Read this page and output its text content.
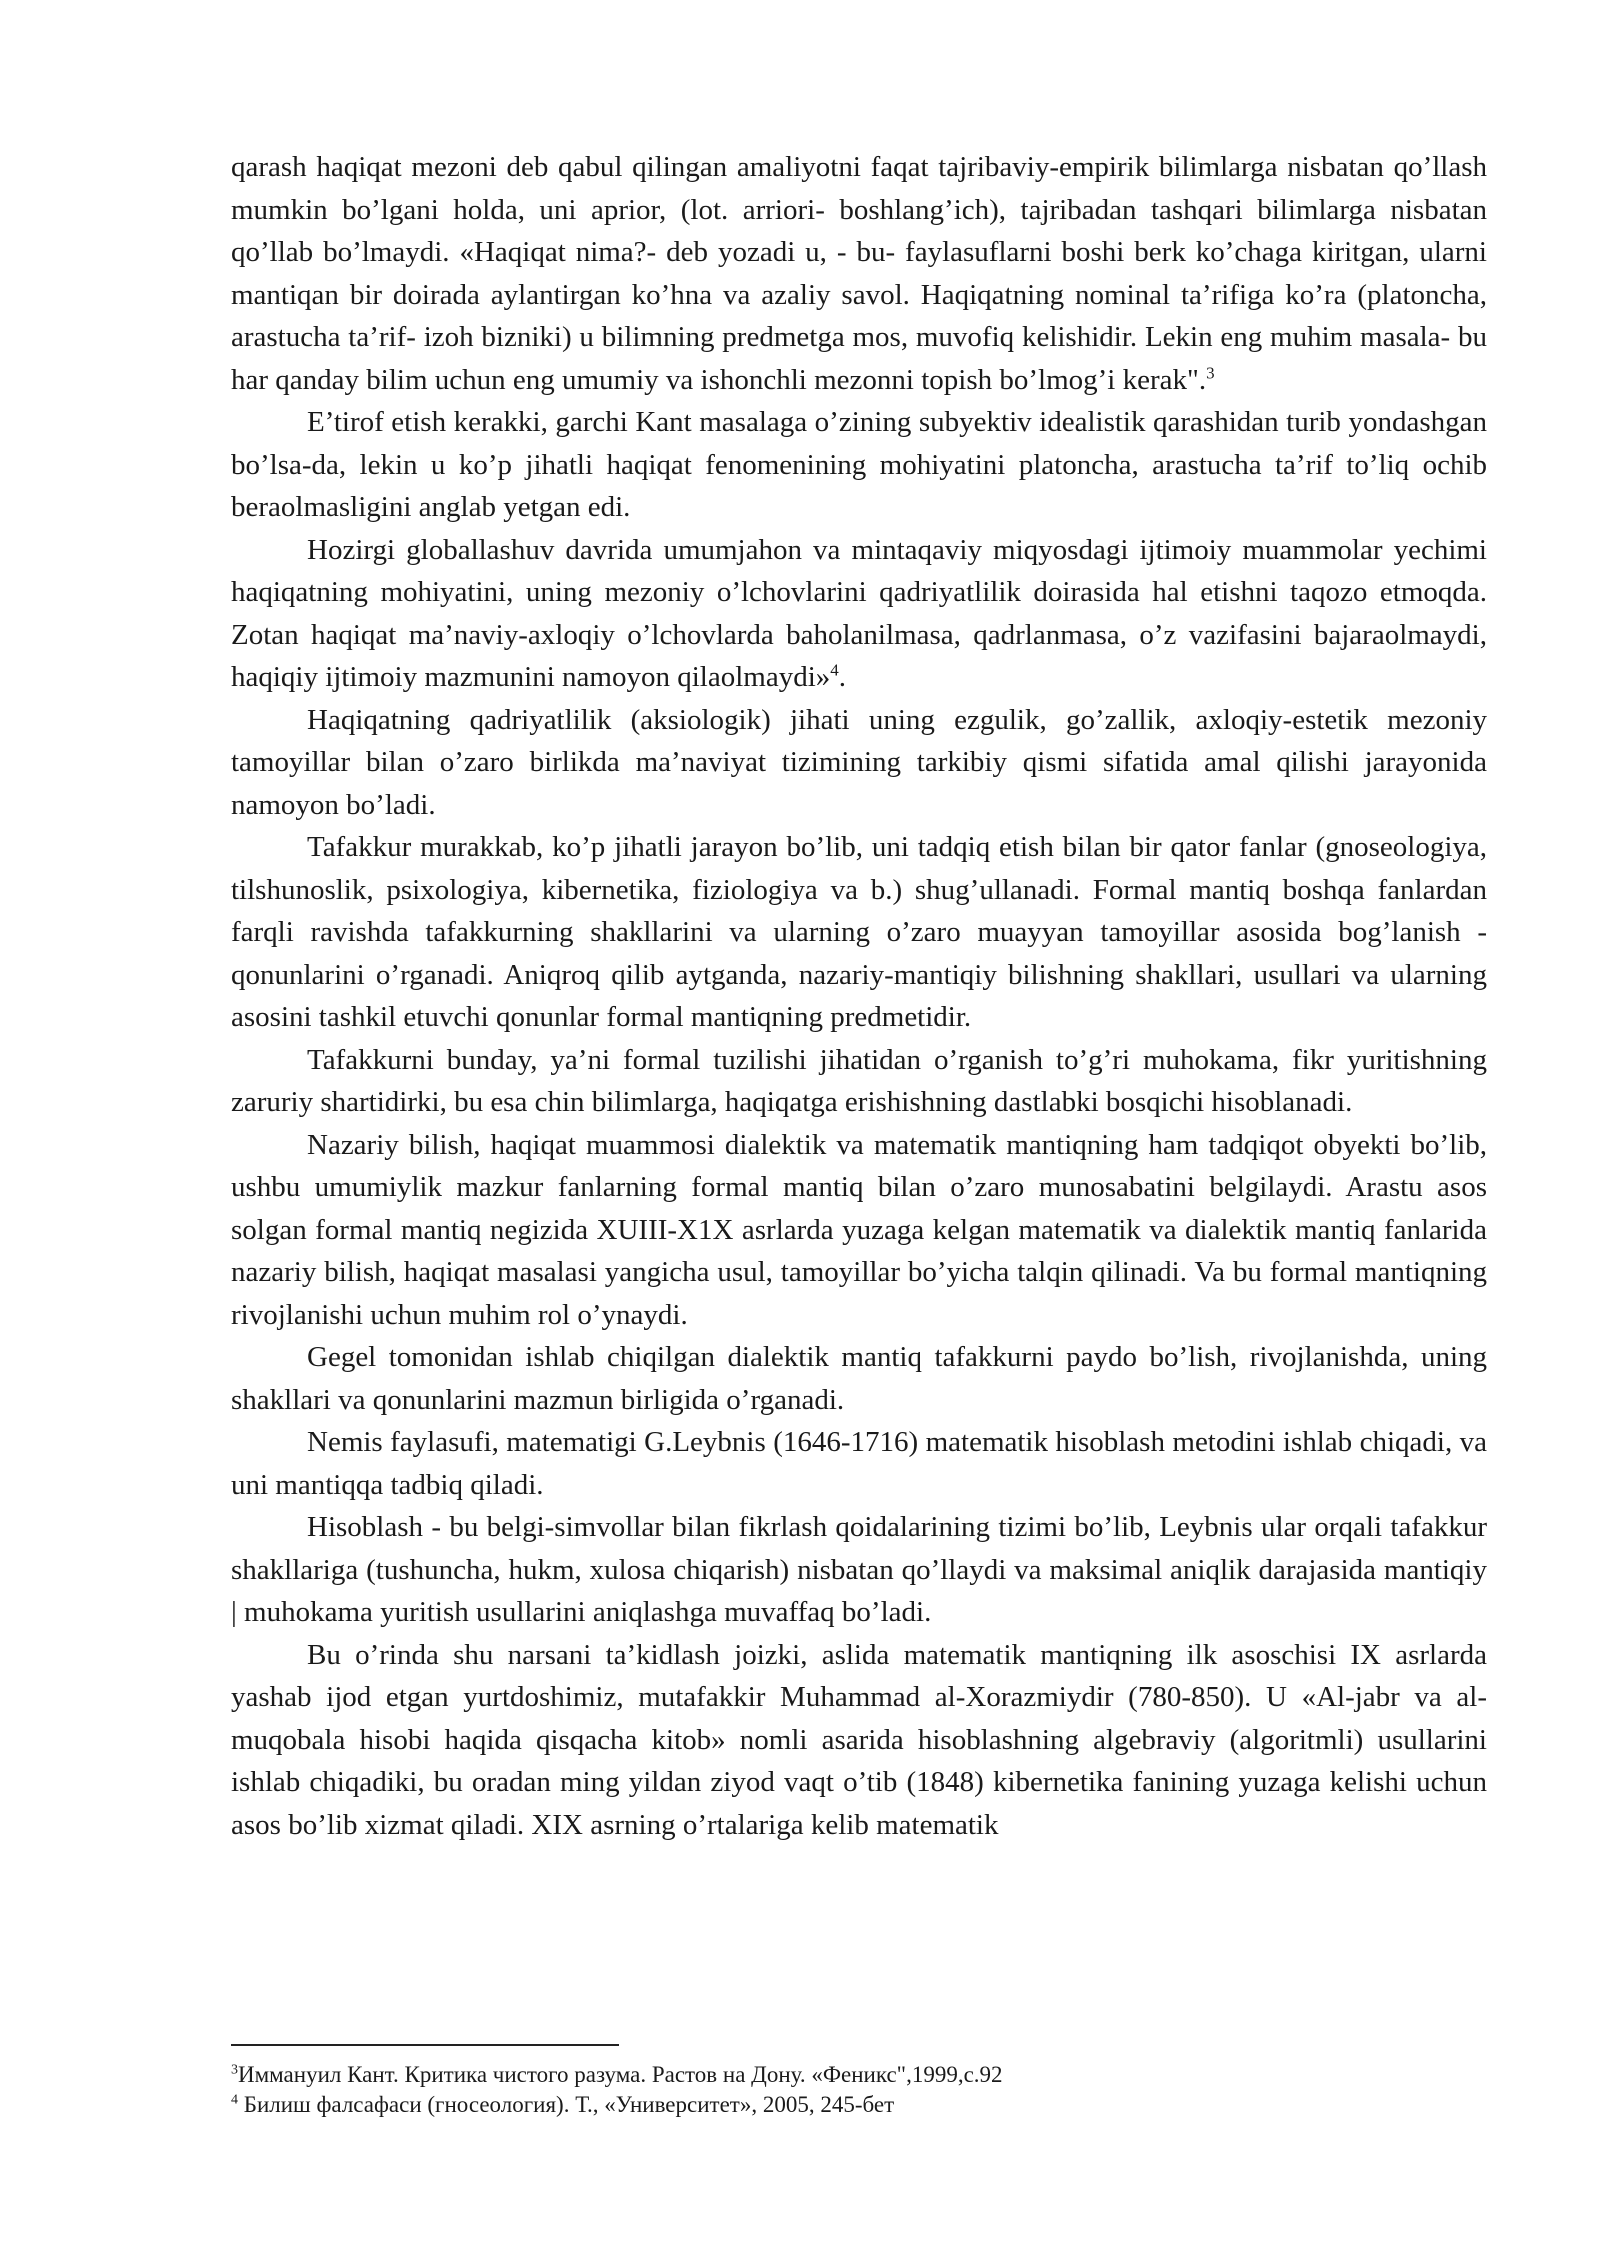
qarash haqiqat mezoni deb qabul qilingan amaliyotni faqat tajribaviy-empirik bilimlarga nisbatan qo’llash mumkin bo’lgani holda, uni aprior, (lot. arriori- boshlang’ich), tajribadan tashqari bilimlarga nisbatan qo’llab bo’lmaydi. «Haqiqat nima?- deb yozadi u, - bu- faylasuflarni boshi berk ko’chaga kiritgan, ularni mantiqan bir doirada aylantirgan ko’hna va azaliy savol. Haqiqatning nominal ta’rifiga ko’ra (platoncha, arastucha ta’rif- izoh bizniki) u bilimning predmetga mos, muvofiq kelishidir. Lekin eng muhim masala- bu har qanday bilim uchun eng umumiy va ishonchli mezonni topish bo’lmog’i kerak".$^3$

E’tirof etish kerakki, garchi Kant masalaga o’zining subyektiv idealistik qarashidan turib yondashgan bo’lsa-da, lekin u ko’p jihatli haqiqat fenomenining mohiyatini platoncha, arastucha ta’rif to’liq ochib beraolmasligini anglab yetgan edi.

Hozirgi globallashuv davrida umumjahon va mintaqaviy miqyosdagi ijtimoiy muammolar yechimi haqiqatning mohiyatini, uning mezoniy o’lchovlarini qadriyatlilik doirasida hal etishni taqozo etmoqda. Zotan haqiqat ma’naviy-axloqiy o’lchovlarda baholanilmasa, qadrlanmasa, o’z vazifasini bajaraolmaydi, haqiqiy ijtimoiy mazmunini namoyon qilaolmaydi»$^4$.

Haqiqatning qadriyatlilik (aksiologik) jihati uning ezgulik, go’zallik, axloqiy-estetik mezoniy tamoyillar bilan o’zaro birlikda ma’naviyat tizimining tarkibiy qismi sifatida amal qilishi jarayonida namoyon bo’ladi.

Tafakkur murakkab, ko’p jihatli jarayon bo’lib, uni tadqiq etish bilan bir qator fanlar (gnoseologiya, tilshunoslik, psixologiya, kibernetika, fiziologiya va b.) shug’ullanadi. Formal mantiq boshqa fanlardan farqli ravishda tafakkurning shakllarini va ularning o’zaro muayyan tamoyillar asosida bog’lanish - qonunlarini o’rganadi. Aniqroq qilib aytganda, nazariy-mantiqiy bilishning shakllari, usullari va ularning asosini tashkil etuvchi qonunlar formal mantiqning predmetidir.

Tafakkurni bunday, ya’ni formal tuzilishi jihatidan o’rganish to’g’ri muhokama, fikr yuritishning zaruriy shartidirki, bu esa chin bilimlarga, haqiqatga erishishning dastlabki bosqichi hisoblanadi.

Nazariy bilish, haqiqat muammosi dialektik va matematik mantiqning ham tadqiqot obyekti bo’lib, ushbu umumiylik mazkur fanlarning formal mantiq bilan o’zaro munosabatini belgilaydi. Arastu asos solgan formal mantiq negizida XUIII-X1X asrlarda yuzaga kelgan matematik va dialektik mantiq fanlarida nazariy bilish, haqiqat masalasi yangicha usul, tamoyillar bo’yicha talqin qilinadi. Va bu formal mantiqning rivojlanishi uchun muhim rol o’ynaydi.

Gegel tomonidan ishlab chiqilgan dialektik mantiq tafakkurni paydo bo’lish, rivojlanishda, uning shakllari va qonunlarini mazmun birligida o’rganadi.

Nemis faylasufi, matematigi G.Leybnis (1646-1716) matematik hisoblash metodini ishlab chiqadi, va uni mantiqqa tadbiq qiladi.

Hisoblash - bu belgi-simvollar bilan fikrlash qoidalarining tizimi bo’lib, Leybnis ular orqali tafakkur shakllariga (tushuncha, hukm, xulosa chiqarish) nisbatan qo’llaydi va maksimal aniqlik darajasida mantiqiy | muhokama yuritish usullarini aniqlashga muvaffaq bo’ladi.

Bu o’rinda shu narsani ta’kidlash joizki, aslida matematik mantiqning ilk asoschisi IX asrlarda yashab ijod etgan yurtdoshimiz, mutafakkir Muhammad al-Xorazmiydir (780-850). U «Al-jabr va al-muqobala hisobi haqida qisqacha kitob» nomli asarida hisoblashning algebraviy (algoritmli) usullarini ishlab chiqadiki, bu oradan ming yildan ziyod vaqt o’tib (1848) kibernetika fanining yuzaga kelishi uchun asos bo’lib xizmat qiladi. XIX asrning o’rtalariga kelib matematik

$^3$Иммануил Кант. Критика чистого разума. Растов на Дону. «Феникс",1999,с.92

$^4$ Билиш фалсафаси (гносеология). Т., «Университет», 2005, 245-бет
